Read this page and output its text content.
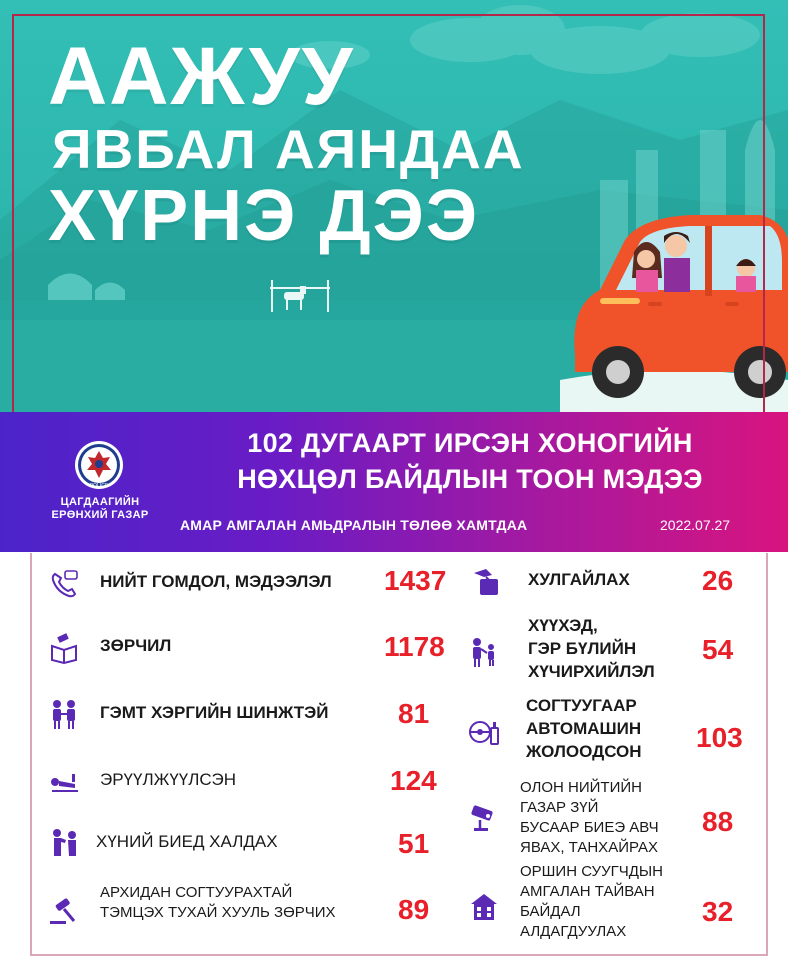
ААЖУУ
ЯВБАЛ АЯНДАА
ХҮРНЭ ДЭЭ
POLICE
ЦАГДААГИЙН
ЕРӨНХИЙ ГАЗАР
102 ДУГААРТ ИРСЭН ХОНОГИЙН
НӨХЦӨЛ БАЙДЛЫН ТООН МЭДЭЭ
АМАР АМГАЛАН АМЬДРАЛЫН ТӨЛӨӨ ХАМТДАА	2022.07.27
НИЙТ ГОМДОЛ, МЭДЭЭЛЭЛ 1437
ЗӨРЧИЛ	1178
ГЭМТ ХЭРГИЙН ШИНЖТЭЙ 81
ЭРҮҮЛЖҮҮЛСЭН	124
ХҮНИЙ БИЕД ХАЛДАХ	51
АРХИДАН СОГТУУРАХТАЙ
ТЭМЦЭХ ТУХАЙ ХУУЛЬ ЗӨРЧИХ 89
ХУЛГАЙЛАХ	26
ХҮҮХЭД,
ГЭР БҮЛИЙН
ХҮЧИРХИЙЛЭЛ
54
СОГТУУГААР
АВТОМАШИН
ЖОЛООДСОН 103
ОЛОН НИЙТИЙН
ГАЗАР ЗҮЙ
БУСААР БИЕЭ АВЧ
ЯВАХ, ТАНХАЙРАХ
88
ОРШИН СУУГЧДЫН
АМГАЛАН ТАЙВАН
БАЙДАЛ
АЛДАГДУУЛАХ
32
